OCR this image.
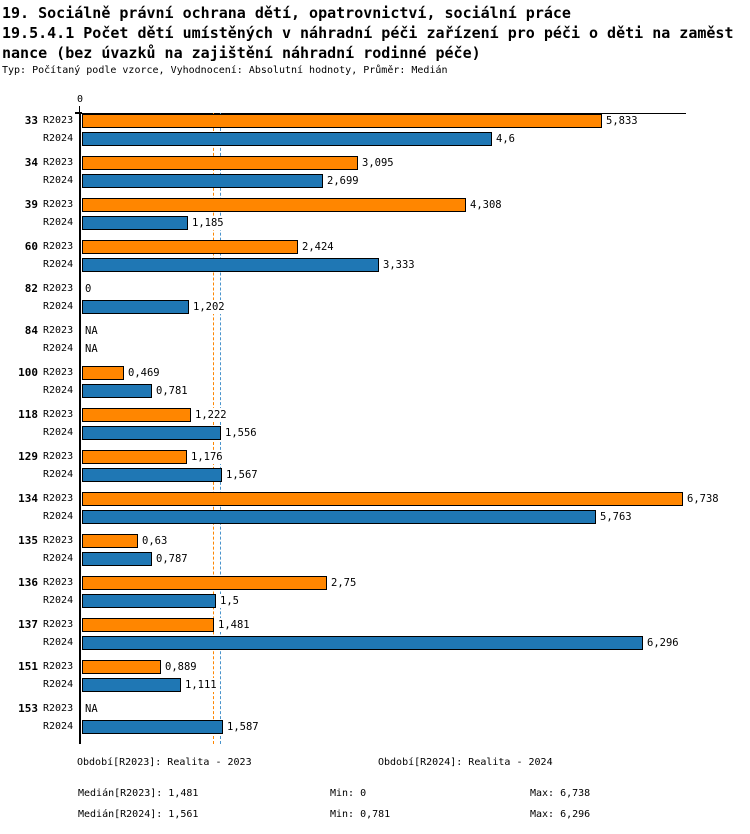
19. Sociálně právní ochrana dětí, opatrovnictví, sociální práce
19.5.4.1 Počet dětí umístěných v náhradní péči zařízení pro péči o děti na zaměst
nance (bez úvazků na zajištění náhradní rodinné péče)
Typ: Počítaný podle vzorce, Vyhodnocení: Absolutní hodnoty, Průměr: Medián
0
33 R2023	5,833
R2024	4,6
34 R2023	3,095
R2024	2,699
39 R2023	4,308
R2024	1,185
60 R2023	2,424
R2024	3,333
82 R2023 0
R2024	1,202
84 R2023 NA
R2024 NA
100 R2023	0,469
R2024	0,781
118 R2023	1,222
R2024	1,556
129 R2023	1,176
R2024	1,567
134 R2023	6,738
R2024	5,763
135 R2023	0,63
R2024	0,787
136 R2023	2,75
R2024	1,5
137 R2023	1,481
R2024	6,296
151 R2023	0,889
R2024	1,111
153 R2023 NA
R2024	1,587
Období[R2023]: Realita - 2023	Období[R2024]: Realita - 2024
Medián[R2023]: 1,481	Min: 0	Max: 6,738
Medián[R2024]: 1,561	Min: 0,781	Max: 6,296
